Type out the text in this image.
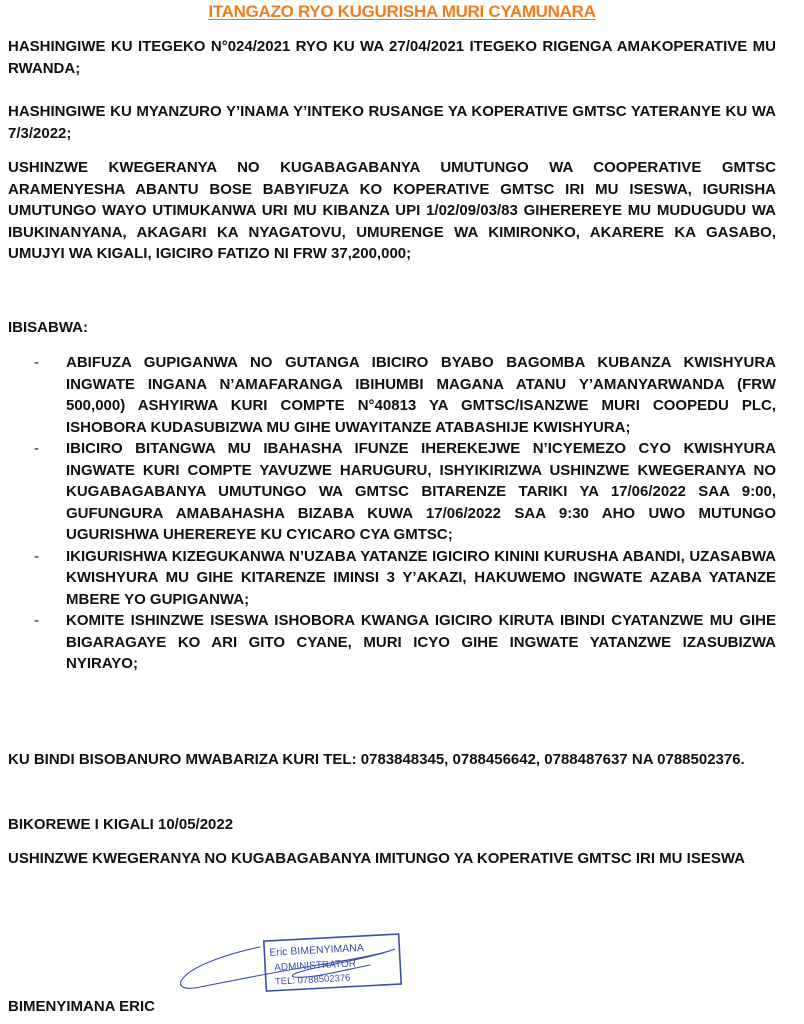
ITANGAZO RYO KUGURISHA MURI CYAMUNARA
HASHINGIWE KU ITEGEKO N°024/2021 RYO KU WA 27/04/2021 ITEGEKO RIGENGA AMAKOPERATIVE MU RWANDA;
HASHINGIWE KU MYANZURO Y’INAMA Y’INTEKO RUSANGE YA KOPERATIVE GMTSC YATERANYE KU WA 7/3/2022;
USHINZWE KWEGERANYA NO KUGABAGABANYA UMUTUNGO WA COOPERATIVE GMTSC ARAMENYESHA ABANTU BOSE BABYIFUZA KO KOPERATIVE GMTSC IRI MU ISESWA, IGURISHA UMUTUNGO WAYO UTIMUKANWA URI MU KIBANZA UPI 1/02/09/03/83 GIHEREREYE MU MUDUGUDU WA IBUKINANYANA, AKAGARI KA NYAGATOVU, UMURENGE WA KIMIRONKO, AKARERE KA GASABO, UMUJYI WA KIGALI, IGICIRO FATIZO NI FRW 37,200,000;
IBISABWA:
- ABIFUZA GUPIGANWA NO GUTANGA IBICIRO BYABO BAGOMBA KUBANZA KWISHYURA INGWATE INGANA N’AMAFARANGA IBIHUMBI MAGANA ATANU Y’AMANYARWANDA (FRW 500,000) ASHYIRWA KURI COMPTE N°40813 YA GMTSC/ISANZWE MURI COOPEDU PLC, ISHOBORA KUDASUBIZWA MU GIHE UWAYITANZE ATABASHIJE KWISHYURA;
- IBICIRO BITANGWA MU IBAHASHA IFUNZE IHEREKEJWE N’ICYEMEZO CYO KWISHYURA INGWATE KURI COMPTE YAVUZWE HARUGURU, ISHYIKIRIZWA USHINZWE KWEGERANYA NO KUGABAGABANYA UMUTUNGO WA GMTSC BITARENZE TARIKI YA 17/06/2022 SAA 9:00, GUFUNGURA AMABAHASHA BIZABA KUWA 17/06/2022 SAA 9:30 AHO UWO MUTUNGO UGURISHWA UHEREREYE KU CYICARO CYA GMTSC;
- IKIGURISHWA KIZEGUKANWA N’UZABA YATANZE IGICIRO KININI KURUSHA ABANDI, UZASABWA KWISHYURA MU GIHE KITARENZE IMINSI 3 Y’AKAZI, HAKUWEMO INGWATE AZABA YATANZE MBERE YO GUPIGANWA;
- KOMITE ISHINZWE ISESWA ISHOBORA KWANGA IGICIRO KIRUTA IBINDI CYATANZWE MU GIHE BIGARAGAYE KO ARI GITO CYANE, MURI ICYO GIHE INGWATE YATANZWE IZASUBIZWA NYIRAYO;
KU BINDI BISOBANURO MWABARIZA KURI TEL: 0783848345, 0788456642, 0788487637 NA 0788502376.
BIKOREWE I KIGALI 10/05/2022
USHINZWE KWEGERANYA NO KUGABAGABANYA IMITUNGO YA KOPERATIVE GMTSC IRI MU ISESWA
Eric BIMENYIMANA
ADMINISTRATOR
TEL: 0788502376
BIMENYIMANA ERIC
